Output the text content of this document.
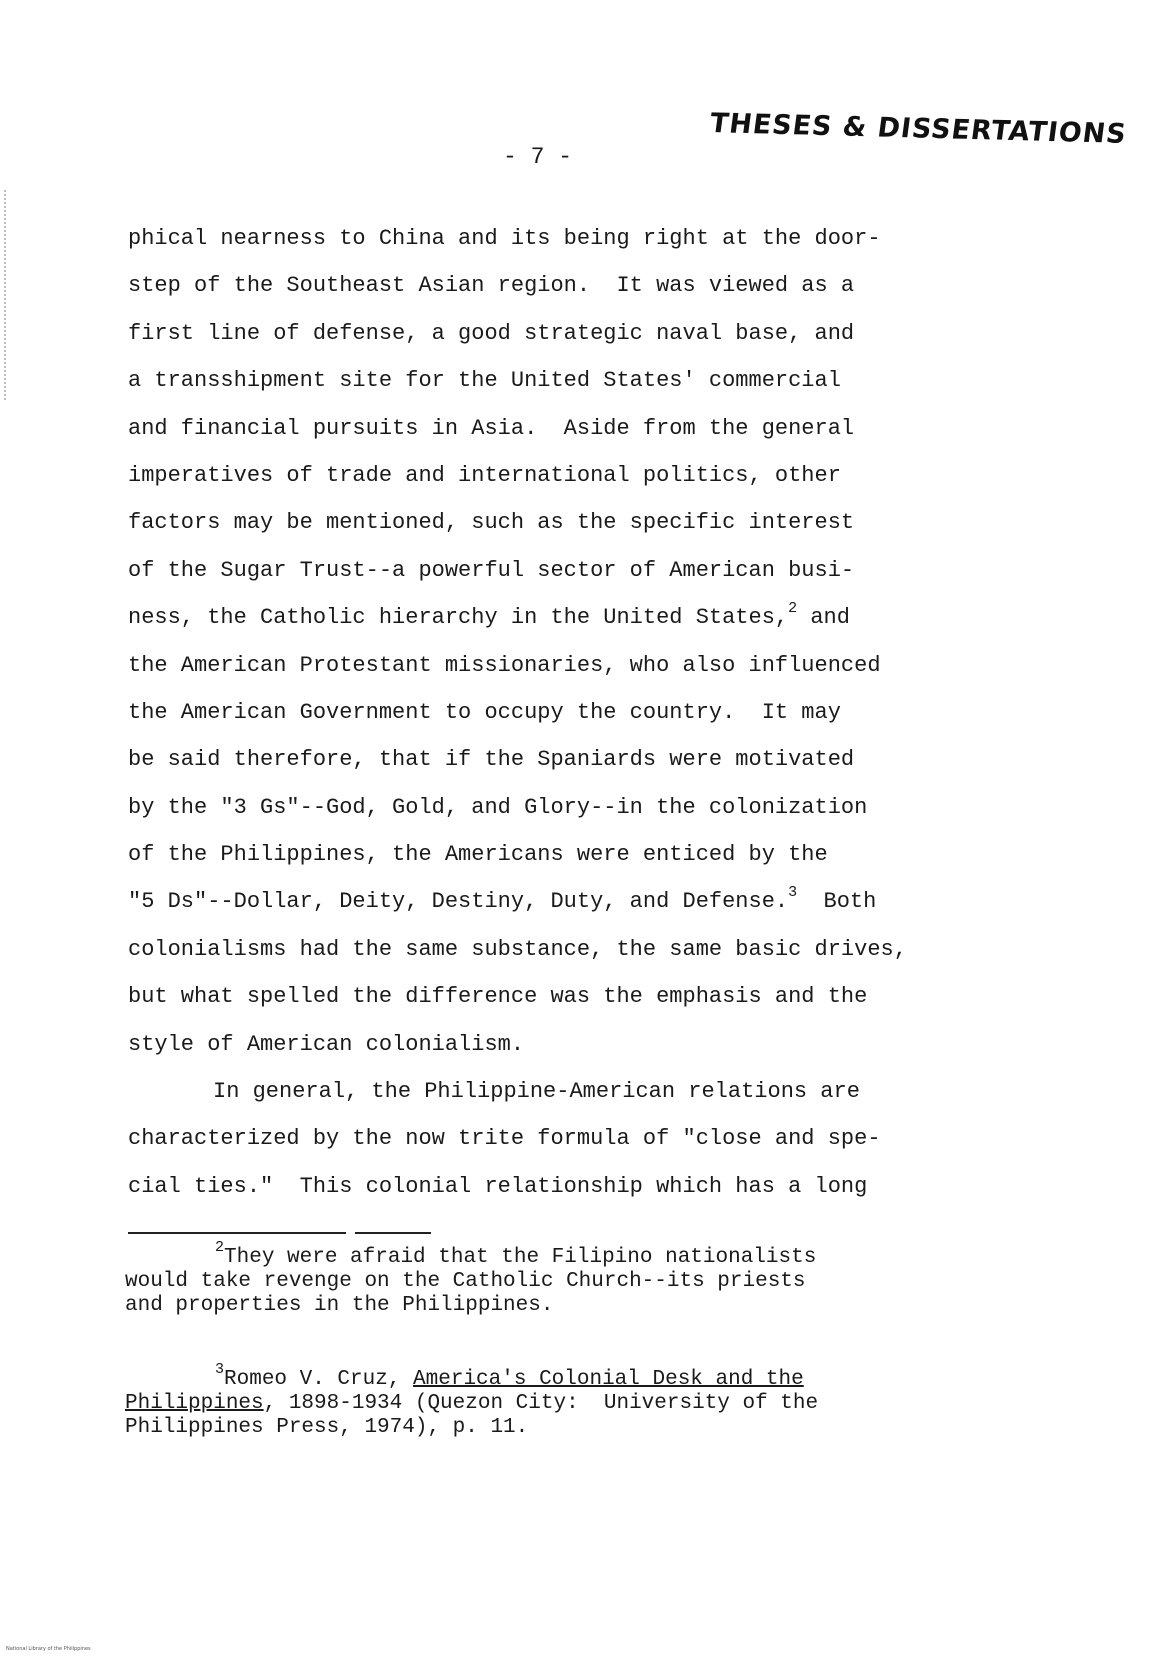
THESES & DISSERTATIONS
- 7 -
phical nearness to China and its being right at the door-
step of the Southeast Asian region.  It was viewed as a
first line of defense, a good strategic naval base, and
a transshipment site for the United States' commercial
and financial pursuits in Asia.  Aside from the general
imperatives of trade and international politics, other
factors may be mentioned, such as the specific interest
of the Sugar Trust--a powerful sector of American busi-
ness, the Catholic hierarchy in the United States,$^2$ and
the American Protestant missionaries, who also influenced
the American Government to occupy the country.  It may
be said therefore, that if the Spaniards were motivated
by the "3 Gs"--God, Gold, and Glory--in the colonization
of the Philippines, the Americans were enticed by the
"5 Ds"--Dollar, Deity, Destiny, Duty, and Defense.$^3$  Both
colonialisms had the same substance, the same basic drives,
but what spelled the difference was the emphasis and the
style of American colonialism.
In general, the Philippine-American relations are
characterized by the now trite formula of "close and spe-
cial ties."  This colonial relationship which has a long
$^2$They were afraid that the Filipino nationalists
would take revenge on the Catholic Church--its priests
and properties in the Philippines.
$^3$Romeo V. Cruz, America's Colonial Desk and the
Philippines, 1898-1934 (Quezon City:  University of the
Philippines Press, 1974), p. 11.
National Library of the Philippines
